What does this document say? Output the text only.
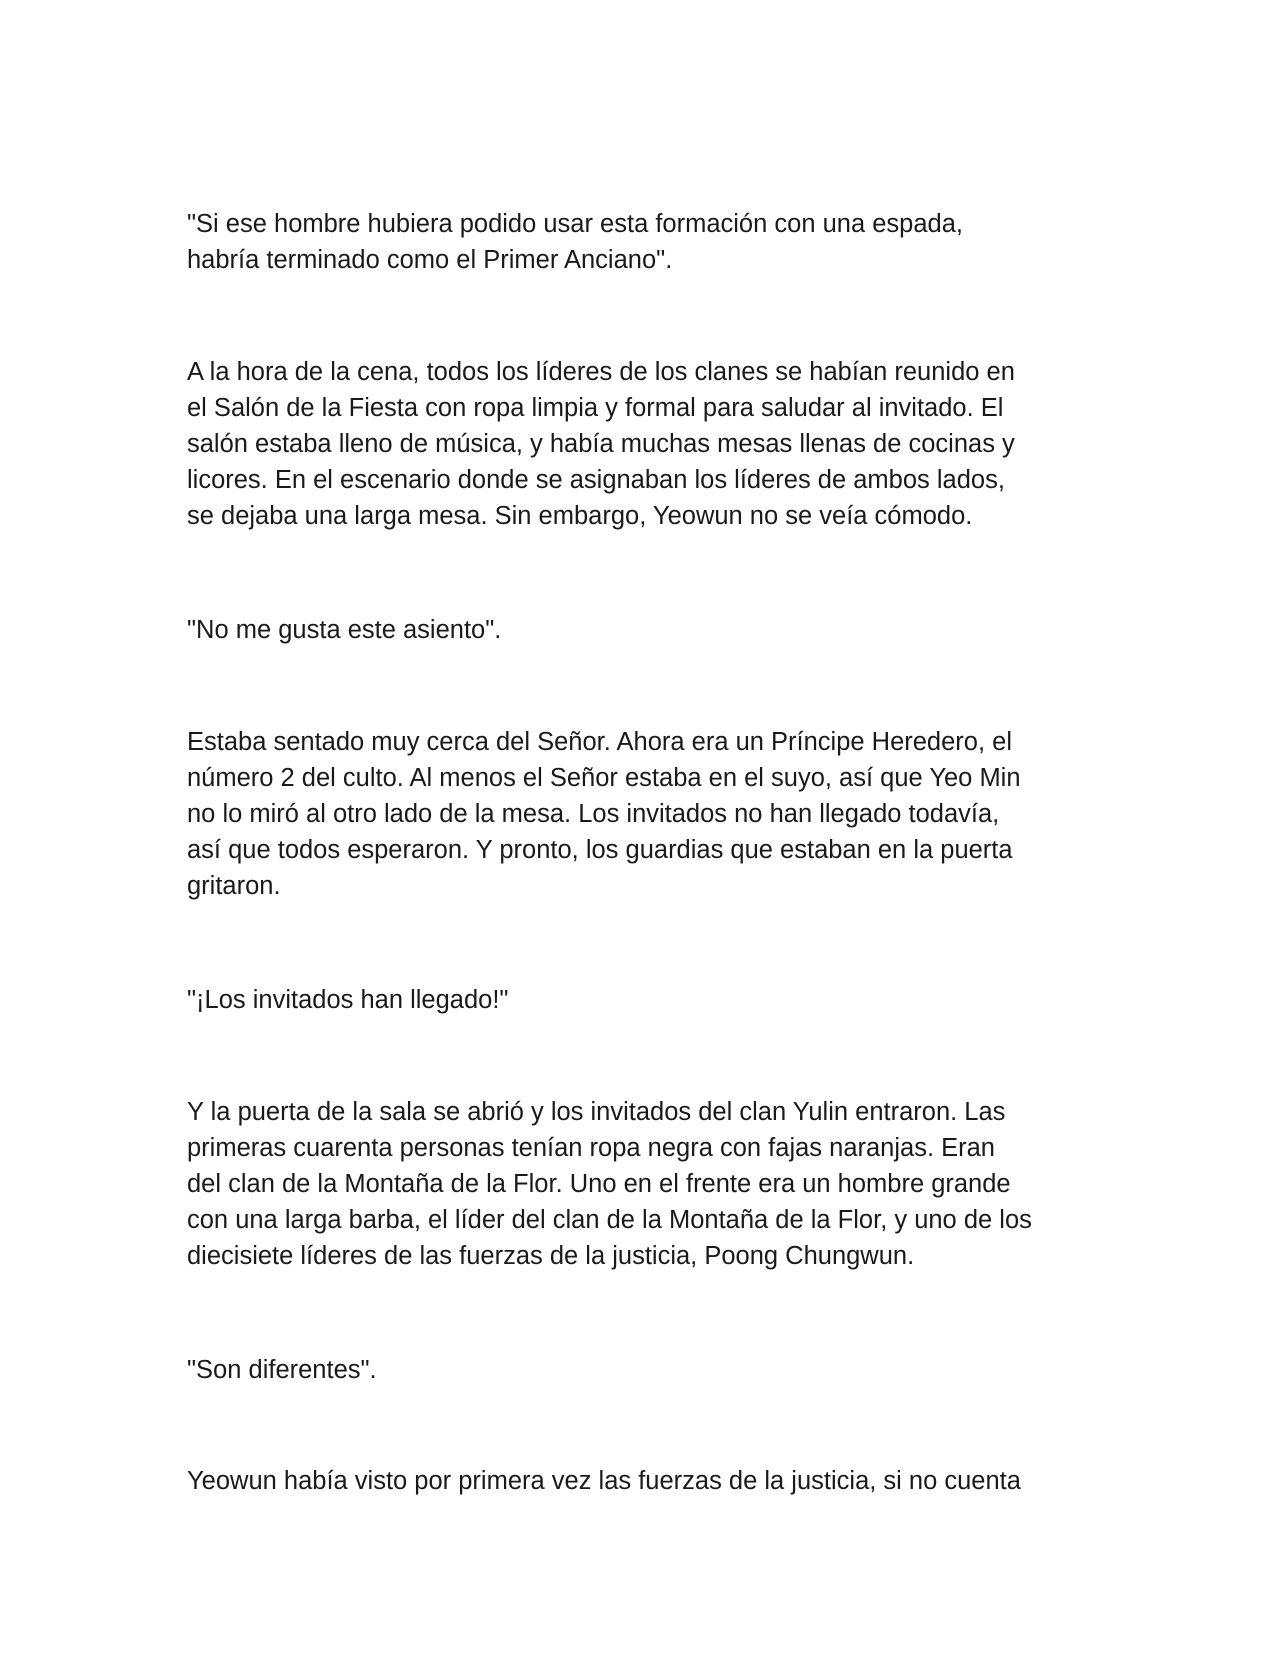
"Si ese hombre hubiera podido usar esta formación con una espada,
habría terminado como el Primer Anciano".

A la hora de la cena, todos los líderes de los clanes se habían reunido en
el Salón de la Fiesta con ropa limpia y formal para saludar al invitado. El
salón estaba lleno de música, y había muchas mesas llenas de cocinas y
licores. En el escenario donde se asignaban los líderes de ambos lados,
se dejaba una larga mesa. Sin embargo, Yeowun no se veía cómodo.

"No me gusta este asiento".

Estaba sentado muy cerca del Señor. Ahora era un Príncipe Heredero, el
número 2 del culto. Al menos el Señor estaba en el suyo, así que Yeo Min
no lo miró al otro lado de la mesa. Los invitados no han llegado todavía,
así que todos esperaron. Y pronto, los guardias que estaban en la puerta
gritaron.

"¡Los invitados han llegado!"

Y la puerta de la sala se abrió y los invitados del clan Yulin entraron. Las
primeras cuarenta personas tenían ropa negra con fajas naranjas. Eran
del clan de la Montaña de la Flor. Uno en el frente era un hombre grande
con una larga barba, el líder del clan de la Montaña de la Flor, y uno de los
diecisiete líderes de las fuerzas de la justicia, Poong Chungwun.

"Son diferentes".

Yeowun había visto por primera vez las fuerzas de la justicia, si no cuenta
